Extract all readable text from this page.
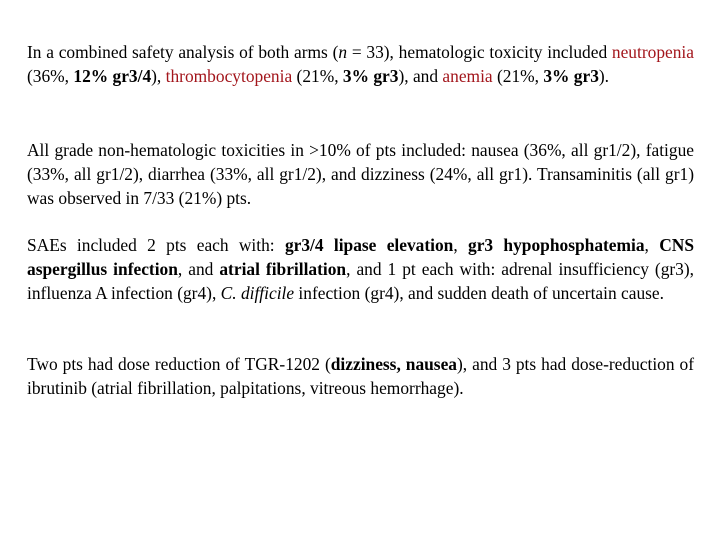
In a combined safety analysis of both arms (n = 33), hematologic toxicity included neutropenia (36%, 12% gr3/4), thrombocytopenia (21%, 3% gr3), and anemia (21%, 3% gr3).

All grade non-hematologic toxicities in >10% of pts included: nausea (36%, all gr1/2), fatigue (33%, all gr1/2), diarrhea (33%, all gr1/2), and dizziness (24%, all gr1). Transaminitis (all gr1) was observed in 7/33 (21%) pts.

SAEs included 2 pts each with: gr3/4 lipase elevation, gr3 hypophosphatemia, CNS aspergillus infection, and atrial fibrillation, and 1 pt each with: adrenal insufficiency (gr3), influenza A infection (gr4), C. difficile infection (gr4), and sudden death of uncertain cause.

Two pts had dose reduction of TGR-1202 (dizziness, nausea), and 3 pts had dose-reduction of ibrutinib (atrial fibrillation, palpitations, vitreous hemorrhage).
